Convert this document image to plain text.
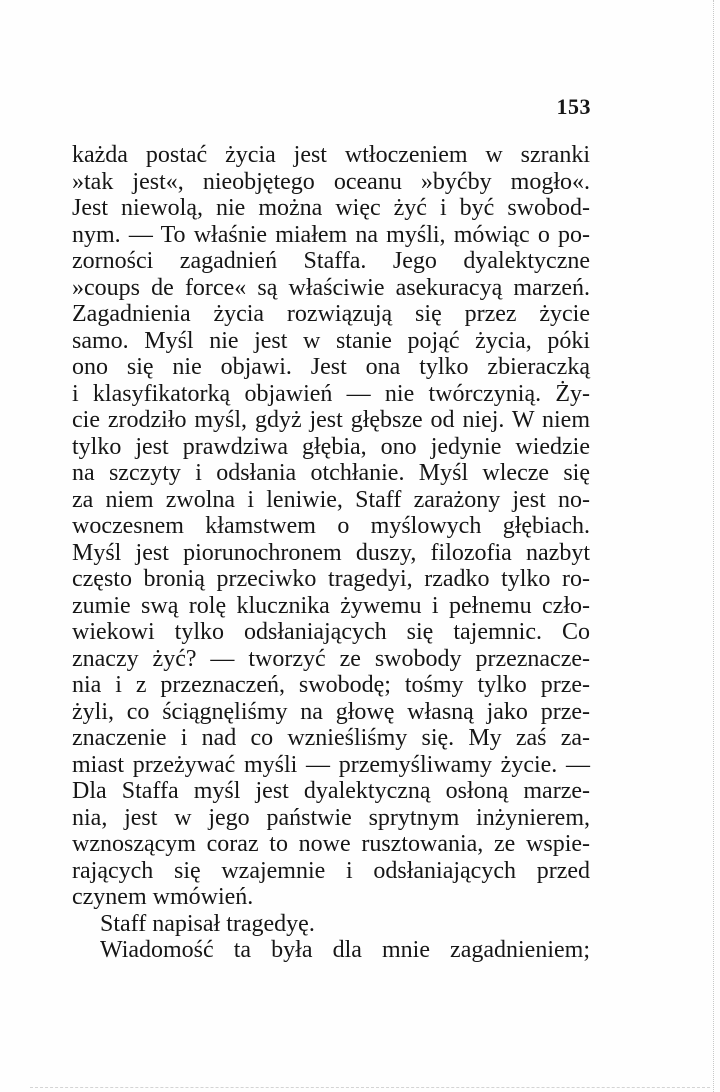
153
każda postać życia jest wtłoczeniem w szranki
»tak jest«, nieobjętego oceanu »byćby mogło«.
Jest niewolą, nie można więc żyć i być swobod-
nym. — To właśnie miałem na myśli, mówiąc o po-
zorności zagadnień Staffa. Jego dyalektyczne
»coups de force« są właściwie asekuracyą marzeń.
Zagadnienia życia rozwiązują się przez życie
samo. Myśl nie jest w stanie pojąć życia, póki
ono się nie objawi. Jest ona tylko zbieraczką
i klasyfikatorką objawień — nie twórczynią. Ży-
cie zrodziło myśl, gdyż jest głębsze od niej. W niem
tylko jest prawdziwa głębia, ono jedynie wiedzie
na szczyty i odsłania otchłanie. Myśl wlecze się
za niem zwolna i leniwie, Staff zarażony jest no-
woczesnem kłamstwem o myślowych głębiach.
Myśl jest piorunochronem duszy, filozofia nazbyt
często bronią przeciwko tragedyi, rzadko tylko ro-
zumie swą rolę klucznika żywemu i pełnemu czło-
wiekowi tylko odsłaniających się tajemnic. Co
znaczy żyć? — tworzyć ze swobody przeznacze-
nia i z przeznaczeń, swobodę; tośmy tylko prze-
żyli, co ściągnęliśmy na głowę własną jako prze-
znaczenie i nad co wznieśliśmy się. My zaś za-
miast przeżywać myśli — przemyśliwamy życie. —
Dla Staffa myśl jest dyalektyczną osłoną marze-
nia, jest w jego państwie sprytnym inżynierem,
wznoszącym coraz to nowe rusztowania, ze wspie-
rających się wzajemnie i odsłaniających przed
czynem wmówień.
Staff napisał tragedyę.
Wiadomość ta była dla mnie zagadnieniem;
